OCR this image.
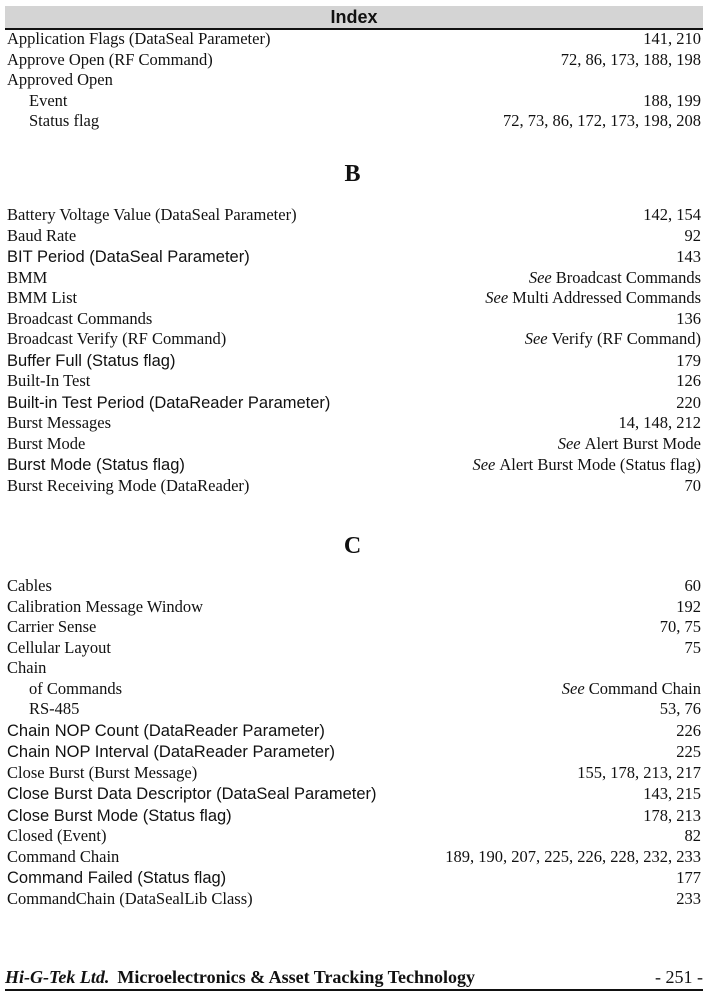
Index
Application Flags (DataSeal Parameter)	141, 210
Approve Open (RF Command)	72, 86, 173, 188, 198
Approved Open
Event	188, 199
Status flag	72, 73, 86, 172, 173, 198, 208
B
Battery Voltage Value (DataSeal Parameter)	142, 154
Baud Rate	92
BIT Period (DataSeal Parameter)	143
BMM	See Broadcast Commands
BMM List	See Multi Addressed Commands
Broadcast Commands	136
Broadcast Verify (RF Command)	See Verify (RF Command)
Buffer Full (Status flag)	179
Built-In Test	126
Built-in Test Period (DataReader Parameter)	220
Burst Messages	14, 148, 212
Burst Mode	See Alert Burst Mode
Burst Mode (Status flag)	See Alert Burst Mode (Status flag)
Burst Receiving Mode (DataReader)	70
C
Cables	60
Calibration Message Window	192
Carrier Sense	70, 75
Cellular Layout	75
Chain
of Commands	See Command Chain
RS-485	53, 76
Chain NOP Count (DataReader Parameter)	226
Chain NOP Interval (DataReader Parameter)	225
Close Burst (Burst Message)	155, 178, 213, 217
Close Burst Data Descriptor (DataSeal Parameter)	143, 215
Close Burst Mode (Status flag)	178, 213
Closed (Event)	82
Command Chain	189, 190, 207, 225, 226, 228, 232, 233
Command Failed (Status flag)	177
CommandChain (DataSealLib Class)	233
Hi-G-Tek Ltd. Microelectronics & Asset Tracking Technology	- 251 -
